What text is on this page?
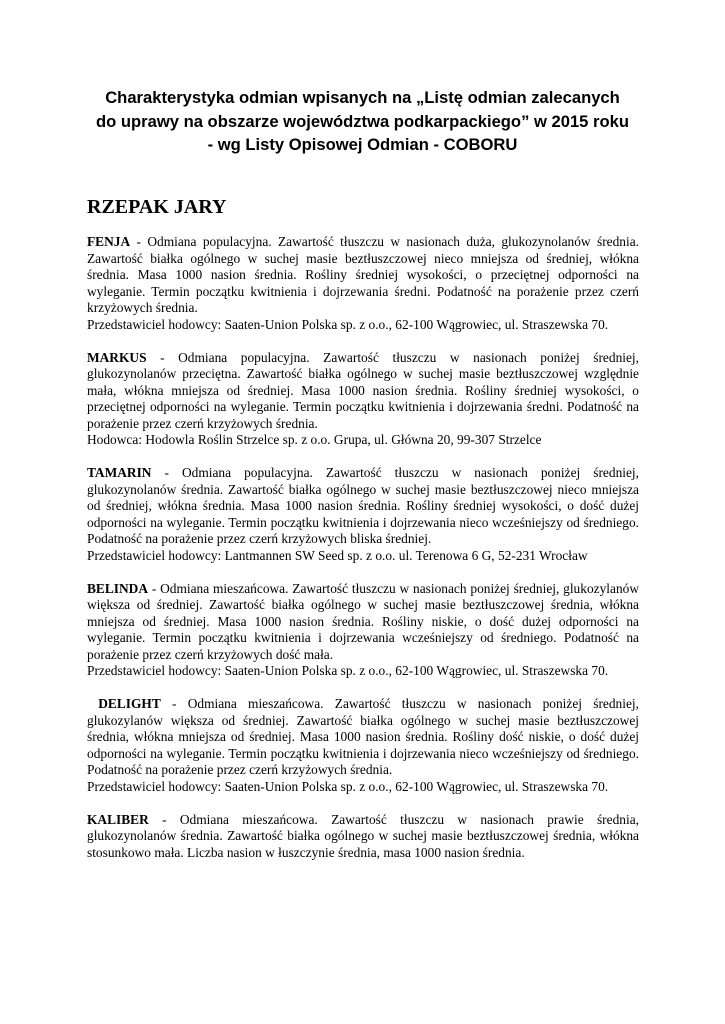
Charakterystyka odmian wpisanych na „Listę odmian zalecanych
do uprawy na obszarze województwa podkarpackiego” w 2015 roku
- wg Listy Opisowej Odmian - COBORU
RZEPAK JARY

FENJA - Odmiana populacyjna. Zawartość tłuszczu w nasionach duża, glukozynolanów średnia. Zawartość białka ogólnego w suchej masie beztłuszczowej nieco mniejsza od średniej, włókna średnia. Masa 1000 nasion średnia. Rośliny średniej wysokości, o przeciętnej odporności na wyleganie. Termin początku kwitnienia i dojrzewania średni. Podatność na porażenie przez czerń krzyżowych średnia.

Przedstawiciel hodowcy: Saaten-Union Polska sp. z o.o., 62-100 Wągrowiec, ul. Straszewska 70.

MARKUS - Odmiana populacyjna. Zawartość tłuszczu w nasionach poniżej średniej, glukozynolanów przeciętna. Zawartość białka ogólnego w suchej masie beztłuszczowej względnie mała, włókna mniejsza od średniej. Masa 1000 nasion średnia. Rośliny średniej wysokości, o przeciętnej odporności na wyleganie. Termin początku kwitnienia i dojrzewania średni. Podatność na porażenie przez czerń krzyżowych średnia.

Hodowca: Hodowla Roślin Strzelce sp. z o.o. Grupa, ul. Główna 20, 99-307 Strzelce

TAMARIN - Odmiana populacyjna. Zawartość tłuszczu w nasionach poniżej średniej, glukozynolanów średnia. Zawartość białka ogólnego w suchej masie beztłuszczowej nieco mniejsza od średniej, włókna średnia. Masa 1000 nasion średnia. Rośliny średniej wysokości, o dość dużej odporności na wyleganie. Termin początku kwitnienia i dojrzewania nieco wcześniejszy od średniego. Podatność na porażenie przez czerń krzyżowych bliska średniej.

Przedstawiciel hodowcy: Lantmannen SW Seed sp. z o.o. ul. Terenowa 6 G, 52-231 Wrocław

BELINDA - Odmiana mieszańcowa. Zawartość tłuszczu w nasionach poniżej średniej, glukozylanów większa od średniej. Zawartość białka ogólnego w suchej masie beztłuszczowej średnia, włókna mniejsza od średniej. Masa 1000 nasion średnia. Rośliny niskie, o dość dużej odporności na wyleganie. Termin początku kwitnienia i dojrzewania wcześniejszy od średniego. Podatność na porażenie przez czerń krzyżowych dość mała.

Przedstawiciel hodowcy: Saaten-Union Polska sp. z o.o., 62-100 Wągrowiec, ul. Straszewska 70.

DELIGHT - Odmiana mieszańcowa. Zawartość tłuszczu w nasionach poniżej średniej, glukozylanów większa od średniej. Zawartość białka ogólnego w suchej masie beztłuszczowej średnia, włókna mniejsza od średniej. Masa 1000 nasion średnia. Rośliny dość niskie, o dość dużej odporności na wyleganie. Termin początku kwitnienia i dojrzewania nieco wcześniejszy od średniego. Podatność na porażenie przez czerń krzyżowych średnia.

Przedstawiciel hodowcy: Saaten-Union Polska sp. z o.o., 62-100 Wągrowiec, ul. Straszewska 70.

KALIBER - Odmiana mieszańcowa. Zawartość tłuszczu w nasionach prawie średnia, glukozynolanów średnia. Zawartość białka ogólnego w suchej masie beztłuszczowej średnia, włókna stosunkowo mała. Liczba nasion w łuszczynie średnia, masa 1000 nasion średnia.
